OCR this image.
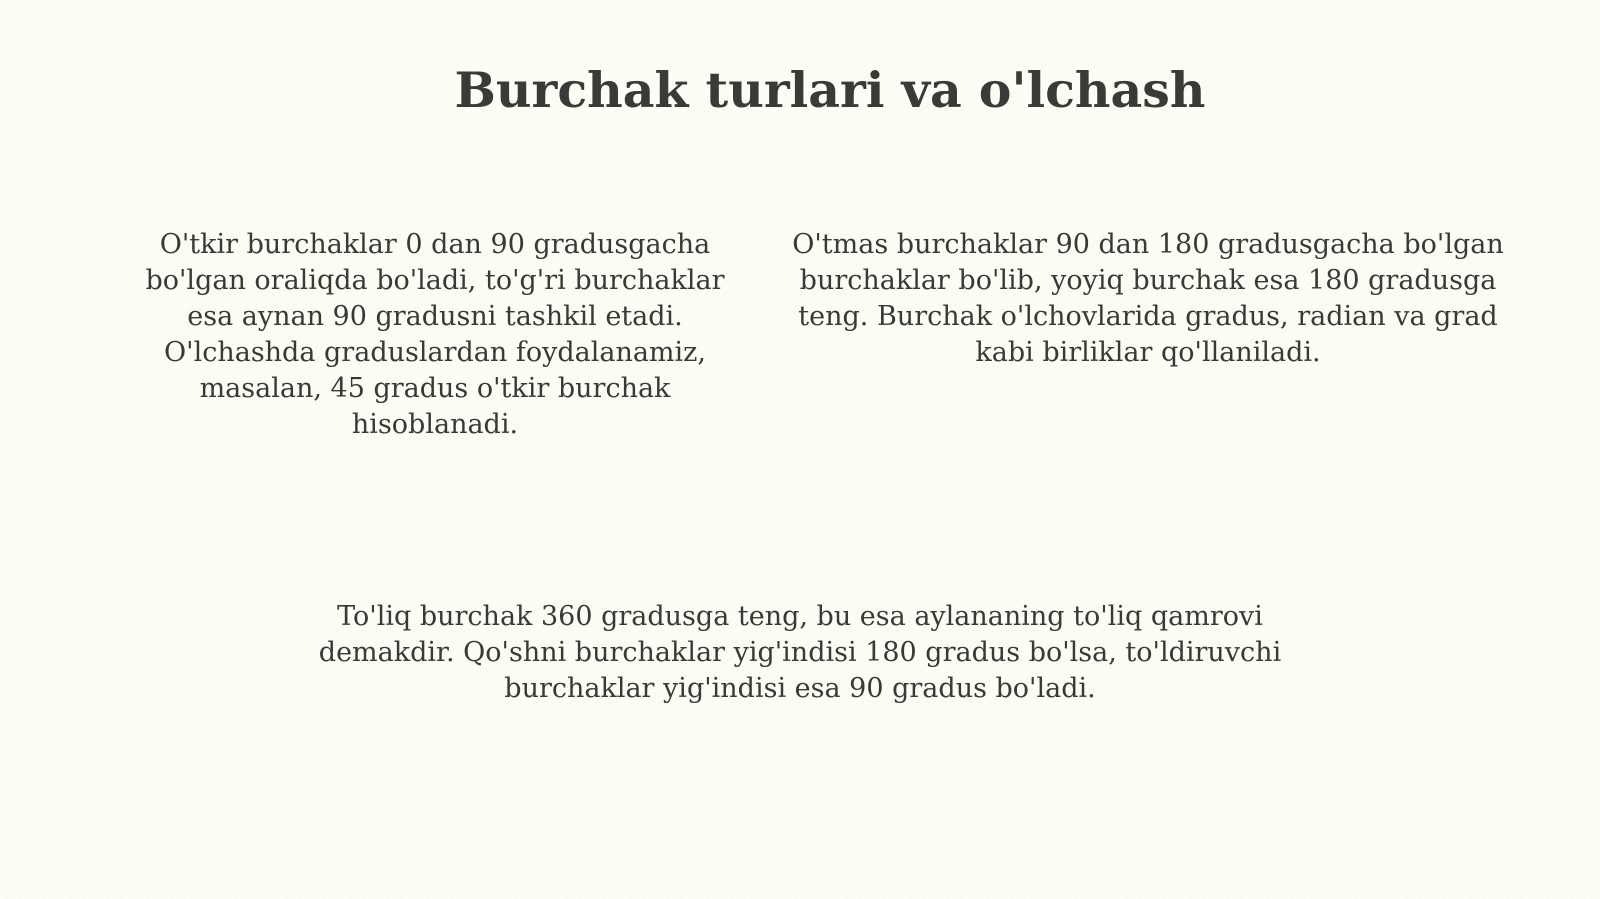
Burchak turlari va o'lchash

O'tkir burchaklar 0 dan 90 gradusgacha bo'lgan oraliqda bo'ladi, to'g'ri burchaklar esa aynan 90 gradusni tashkil etadi. O'lchashda graduslardan foydalanamiz, masalan, 45 gradus o'tkir burchak hisoblanadi.

O'tmas burchaklar 90 dan 180 gradusgacha bo'lgan burchaklar bo'lib, yoyiq burchak esa 180 gradusga teng. Burchak o'lchovlarida gradus, radian va grad kabi birliklar qo'llaniladi.

To'liq burchak 360 gradusga teng, bu esa aylananing to'liq qamrovi demakdir. Qo'shni burchaklar yig'indisi 180 gradus bo'lsa, to'ldiruvchi burchaklar yig'indisi esa 90 gradus bo'ladi.
